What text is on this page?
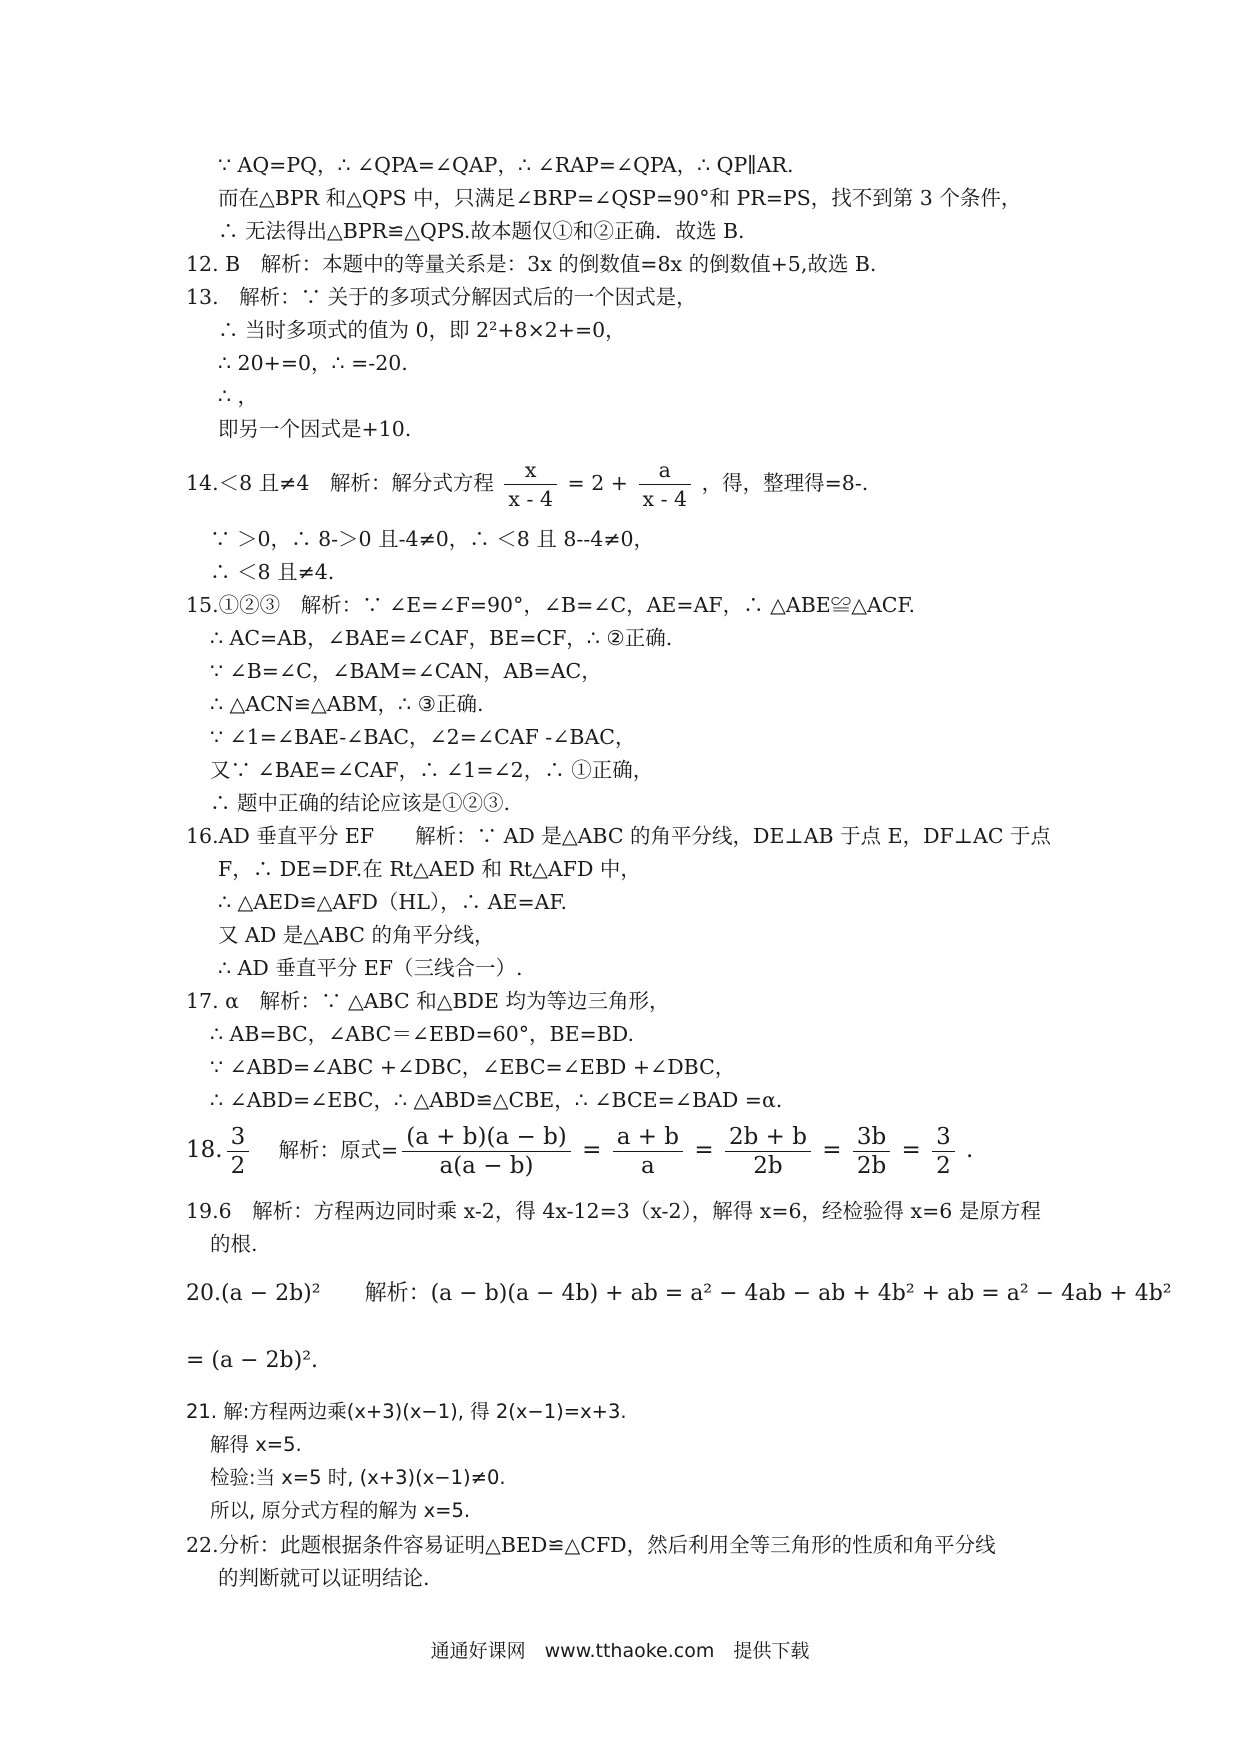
∵ AQ=PQ，∴ ∠QPA=∠QAP，∴ ∠RAP=∠QPA，∴ QP∥AR.
而在△BPR 和△QPS 中，只满足∠BRP=∠QSP=90°和 PR=PS，找不到第 3 个条件，
∴ 无法得出△BPR≌△QPS.故本题仅①和②正确．故选 B.
12. B　解析：本题中的等量关系是：3x 的倒数值=8x 的倒数值+5,故选 B.
13.　解析：∵ 关于的多项式分解因式后的一个因式是，
∴ 当时多项式的值为 0，即 2²+8×2+=0，
∴ 20+=0，∴ =-20.
∴ ，
即另一个因式是+10.
14.＜8 且≠4　解析：解分式方程 $\frac{x}{x - 4} = 2 + \frac{a}{x - 4}$ ，得，整理得=8-.
∵ ＞0，∴ 8-＞0 且-4≠0，∴ ＜8 且 8--4≠0，
∴ ＜8 且≠4.
15.①②③　解析：∵ ∠E=∠F=90°，∠B=∠C，AE=AF，∴ △ABE≌△ACF.
∴ AC=AB，∠BAE=∠CAF，BE=CF，∴ ②正确.
∵ ∠B=∠C，∠BAM=∠CAN，AB=AC，
∴ △ACN≌△ABM，∴ ③正确.
∵ ∠1=∠BAE-∠BAC，∠2=∠CAF -∠BAC，
又∵ ∠BAE=∠CAF，∴ ∠1=∠2，∴ ①正确，
∴ 题中正确的结论应该是①②③.
16.AD 垂直平分 EF　　解析：∵ AD 是△ABC 的角平分线，DE⊥AB 于点 E，DF⊥AC 于点
F，∴ DE=DF.在 Rt△AED 和 Rt△AFD 中，
∴ △AED≌△AFD（HL），∴ AE=AF.
又 AD 是△ABC 的角平分线，
∴ AD 垂直平分 EF（三线合一）.
17. α　解析：∵ △ABC 和△BDE 均为等边三角形，
∴ AB=BC，∠ABC＝∠EBD=60°，BE=BD.
∵ ∠ABD=∠ABC +∠DBC，∠EBC=∠EBD +∠DBC，
∴ ∠ABD=∠EBC，∴ △ABD≌△CBE，∴ ∠BCE=∠BAD =α.
18. $\frac{3}{2}$ 解析：原式= $\frac{(a + b)(a - b)}{a(a - b)} = \frac{a + b}{a} = \frac{2b + b}{2b} = \frac{3b}{2b} = \frac{3}{2}$ .
19.6　解析：方程两边同时乘 x-2，得 4x-12=3（x-2），解得 x=6，经检验得 x=6 是原方程
的根.
20.(a − 2b)²　　解析：(a − b)(a − 4b) + ab = a² − 4ab − ab + 4b² + ab = a² − 4ab + 4b²
= (a − 2b)².
21. 解:方程两边乘(x+3)(x−1), 得 2(x−1)=x+3.
解得 x=5.
检验:当 x=5 时, (x+3)(x−1)≠0.
所以, 原分式方程的解为 x=5.
22.分析：此题根据条件容易证明△BED≌△CFD，然后利用全等三角形的性质和角平分线
的判断就可以证明结论.
通通好课网　www.tthaoke.com　提供下载
